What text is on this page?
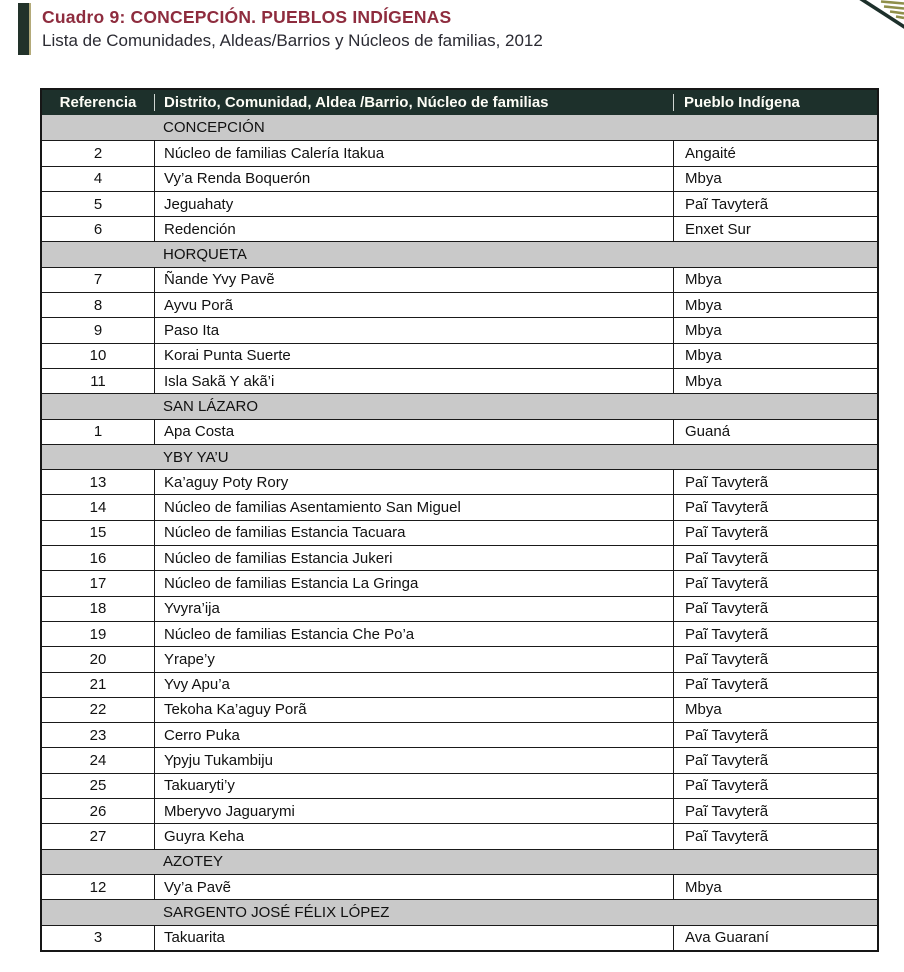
Cuadro 9: CONCEPCIÓN. PUEBLOS INDÍGENAS
Lista de Comunidades, Aldeas/Barrios y Núcleos de familias, 2012
Referencia	Distrito, Comunidad, Aldea /Barrio, Núcleo de familias	Pueblo Indígena
CONCEPCIÓN
2	Núcleo de familias Calería Itakua	Angaité
4	Vy’a Renda Boquerón	Mbya
5	Jeguahaty	Paĩ Tavyterã
6	Redención	Enxet Sur
HORQUETA
7	Ñande Yvy Pavẽ	Mbya
8	Ayvu Porã	Mbya
9	Paso Ita	Mbya
10	Korai Punta Suerte	Mbya
11	Isla Sakã Y akã’i	Mbya
SAN LÁZARO
1	Apa Costa	Guaná
YBY YA’U
13	Ka’aguy Poty Rory	Paĩ Tavyterã
14	Núcleo de familias Asentamiento San Miguel	Paĩ Tavyterã
15	Núcleo de familias Estancia Tacuara	Paĩ Tavyterã
16	Núcleo de familias Estancia Jukeri	Paĩ Tavyterã
17	Núcleo de familias Estancia La Gringa	Paĩ Tavyterã
18	Yvyra’ija	Paĩ Tavyterã
19	Núcleo de familias Estancia Che Po’a	Paĩ Tavyterã
20	Yrape’y	Paĩ Tavyterã
21	Yvy Apu’a	Paĩ Tavyterã
22	Tekoha Ka’aguy Porã	Mbya
23	Cerro Puka	Paĩ Tavyterã
24	Ypyju Tukambiju	Paĩ Tavyterã
25	Takuaryti’y	Paĩ Tavyterã
26	Mberyvo Jaguarymi	Paĩ Tavyterã
27	Guyra Keha	Paĩ Tavyterã
AZOTEY
12	Vy’a Pavẽ	Mbya
SARGENTO JOSÉ FÉLIX LÓPEZ
3	Takuarita	Ava Guaraní
